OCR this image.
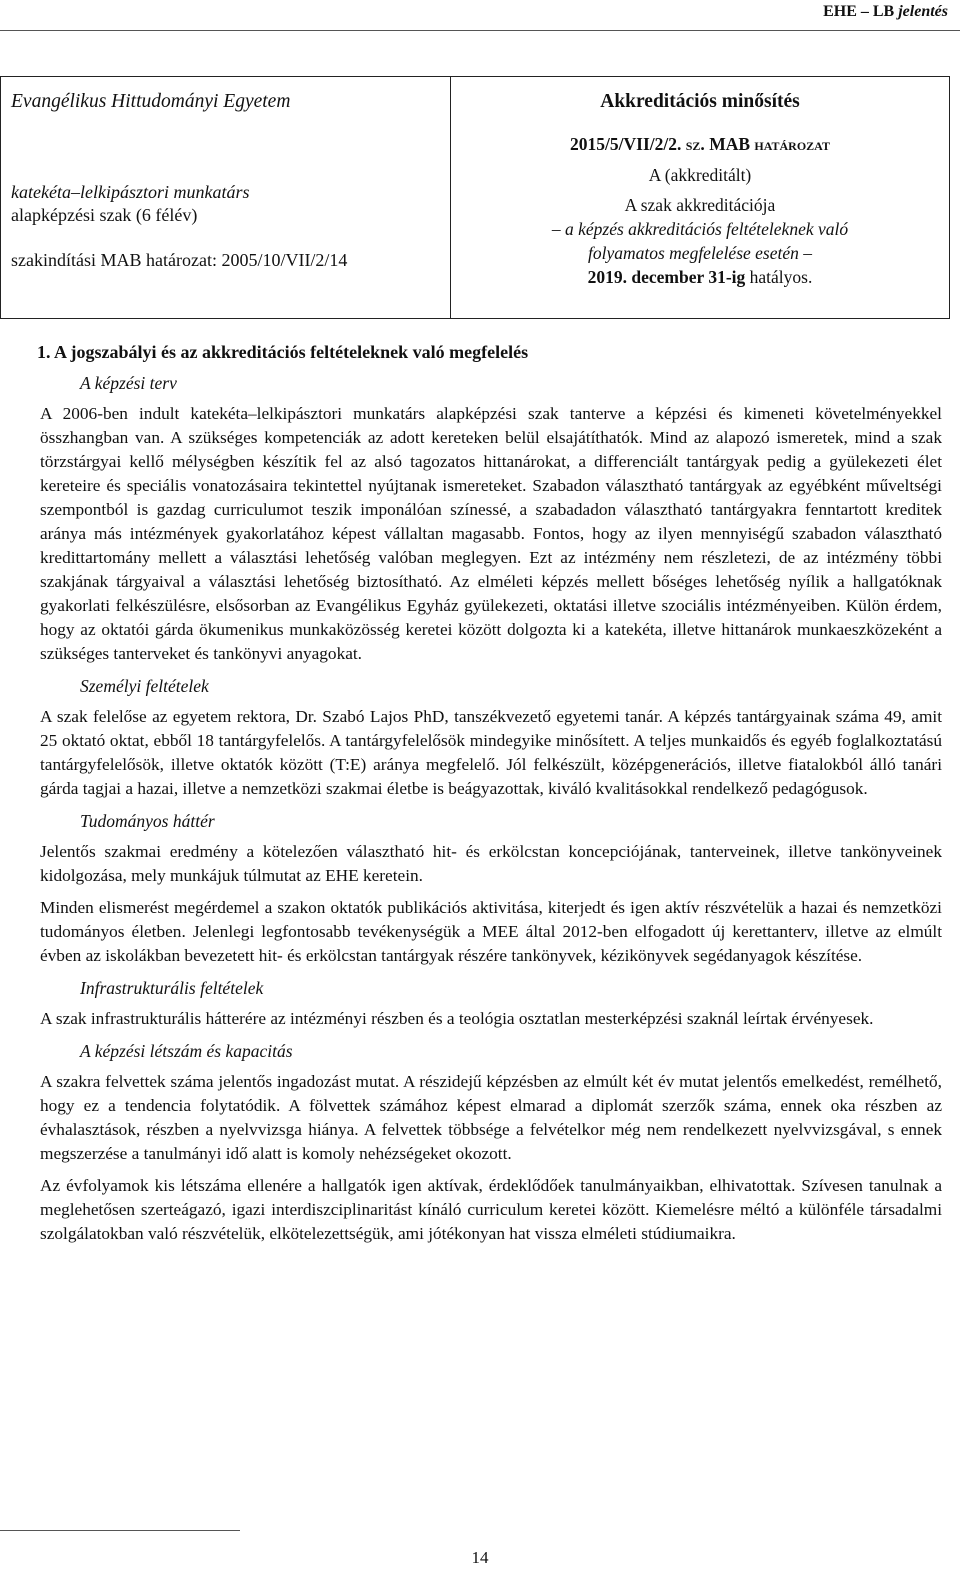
EHE – LB jelentés
Evangélikus Hittudományi Egyetem
katekéta–lelkipásztori munkatárs
alapképzési szak (6 félév)
szakindítási MAB határozat: 2005/10/VII/2/14
Akkreditációs minősítés
2015/5/VII/2/2. sz. MAB határozat
A (akkreditált)
A szak akkreditációja
– a képzés akkreditációs feltételeknek való
folyamatos megfelelése esetén –
2019. december 31-ig hatályos.
1. A jogszabályi és az akkreditációs feltételeknek való megfelelés
A képzési terv

A 2006-ben indult katekéta–lelkipásztori munkatárs alapképzési szak tanterve a képzési és kimeneti követelményekkel összhangban van. A szükséges kompetenciák az adott kereteken belül elsajátíthatók. Mind az alapozó ismeretek, mind a szak törzstárgyai kellő mélységben készítik fel az alsó tagozatos hittanárokat, a differenciált tantárgyak pedig a gyülekezeti élet kereteire és speciális vonatozásaira tekintettel nyújtanak ismereteket. Szabadon választható tantárgyak az egyébként műveltségi szempontból is gazdag curriculumot teszik imponálóan színessé, a szabadadon választható tantárgyakra fenntartott kreditek aránya más intézmények gyakorlatához képest vállaltan magasabb. Fontos, hogy az ilyen mennyiségű szabadon választható kredittartomány mellett a választási lehetőség valóban meglegyen. Ezt az intézmény nem részletezi, de az intézmény többi szakjának tárgyaival a választási lehetőség biztosítható. Az elméleti képzés mellett bőséges lehetőség nyílik a hallgatóknak gyakorlati felkészülésre, elsősorban az Evangélikus Egyház gyülekezeti, oktatási illetve szociális intézményeiben. Külön érdem, hogy az oktatói gárda ökumenikus munkaközösség keretei között dolgozta ki a katekéta, illetve hittanárok munkaeszközeként a szükséges tanterveket és tankönyvi anyagokat.

Személyi feltételek

A szak felelőse az egyetem rektora, Dr. Szabó Lajos PhD, tanszékvezető egyetemi tanár. A képzés tantárgyainak száma 49, amit 25 oktató oktat, ebből 18 tantárgyfelelős. A tantárgyfelelősök mindegyike minősített. A teljes munkaidős és egyéb foglalkoztatású tantárgyfelelősök, illetve oktatók között (T:E) aránya megfelelő. Jól felkészült, középgenerációs, illetve fiatalokból álló tanári gárda tagjai a hazai, illetve a nemzetközi szakmai életbe is beágyazottak, kiváló kvalitásokkal rendelkező pedagógusok.

Tudományos háttér

Jelentős szakmai eredmény a kötelezően választható hit- és erkölcstan koncepciójának, tanterveinek, illetve tankönyveinek kidolgozása, mely munkájuk túlmutat az EHE keretein.

Minden elismerést megérdemel a szakon oktatók publikációs aktivitása, kiterjedt és igen aktív részvételük a hazai és nemzetközi tudományos életben. Jelenlegi legfontosabb tevékenységük a MEE által 2012-ben elfogadott új kerettanterv, illetve az elmúlt évben az iskolákban bevezetett hit- és erkölcstan tantárgyak részére tankönyvek, kézikönyvek segédanyagok készítése.

Infrastrukturális feltételek

A szak infrastrukturális hátterére az intézményi részben és a teológia osztatlan mesterképzési szaknál leírtak érvényesek.

A képzési létszám és kapacitás

A szakra felvettek száma jelentős ingadozást mutat. A részidejű képzésben az elmúlt két év mutat jelentős emelkedést, remélhető, hogy ez a tendencia folytatódik. A fölvettek számához képest elmarad a diplomát szerzők száma, ennek oka részben az évhalasztások, részben a nyelvvizsga hiánya. A felvettek többsége a felvételkor még nem rendelkezett nyelvvizsgával, s ennek megszerzése a tanulmányi idő alatt is komoly nehézségeket okozott.

Az évfolyamok kis létszáma ellenére a hallgatók igen aktívak, érdeklődőek tanulmányaikban, elhivatottak. Szívesen tanulnak a meglehetősen szerteágazó, igazi interdiszciplinaritást kínáló curriculum keretei között. Kiemelésre méltó a különféle társadalmi szolgálatokban való részvételük, elkötelezettségük, ami jótékonyan hat vissza elméleti stúdiumaikra.

14
